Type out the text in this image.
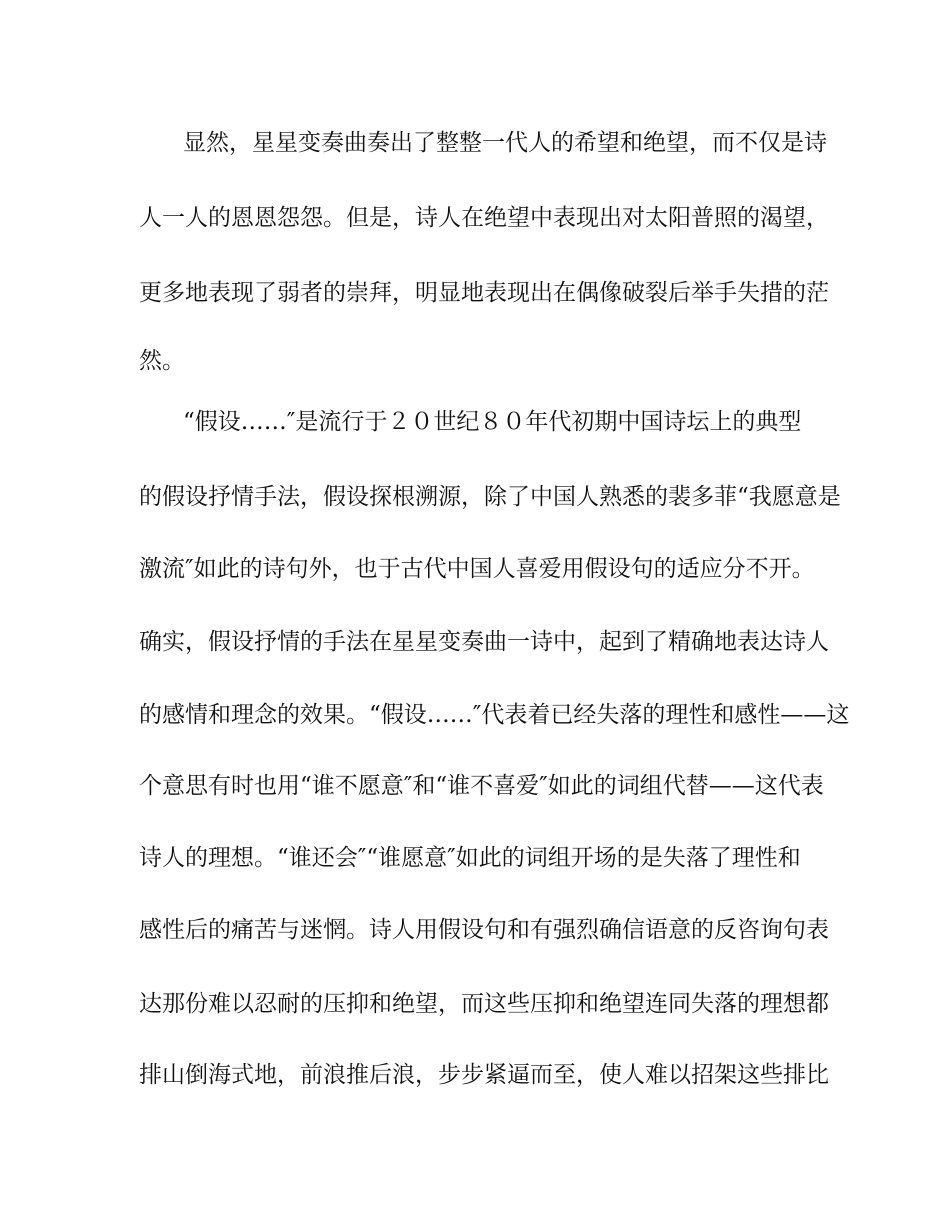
显然，星星变奏曲奏出了整整一代人的希望和绝望，而不仅是诗
人一人的恩恩怨怨。但是，诗人在绝望中表现出对太阳普照的渴望，
更多地表现了弱者的崇拜，明显地表现出在偶像破裂后举手失措的茫
然。
“假设……″是流行于２０世纪８０年代初期中国诗坛上的典型
的假设抒情手法，假设探根溯源，除了中国人熟悉的裴多菲“我愿意是
激流″如此的诗句外，也于古代中国人喜爱用假设句的适应分不开。
确实，假设抒情的手法在星星变奏曲一诗中，起到了精确地表达诗人
的感情和理念的效果。“假设……″代表着已经失落的理性和感性——这
个意思有时也用“谁不愿意″和“谁不喜爱″如此的词组代替——这代表
诗人的理想。“谁还会″“谁愿意″如此的词组开场的是失落了理性和
感性后的痛苦与迷惘。诗人用假设句和有强烈确信语意的反咨询句表
达那份难以忍耐的压抑和绝望，而这些压抑和绝望连同失落的理想都
排山倒海式地，前浪推后浪，步步紧逼而至，使人难以招架这些排比
